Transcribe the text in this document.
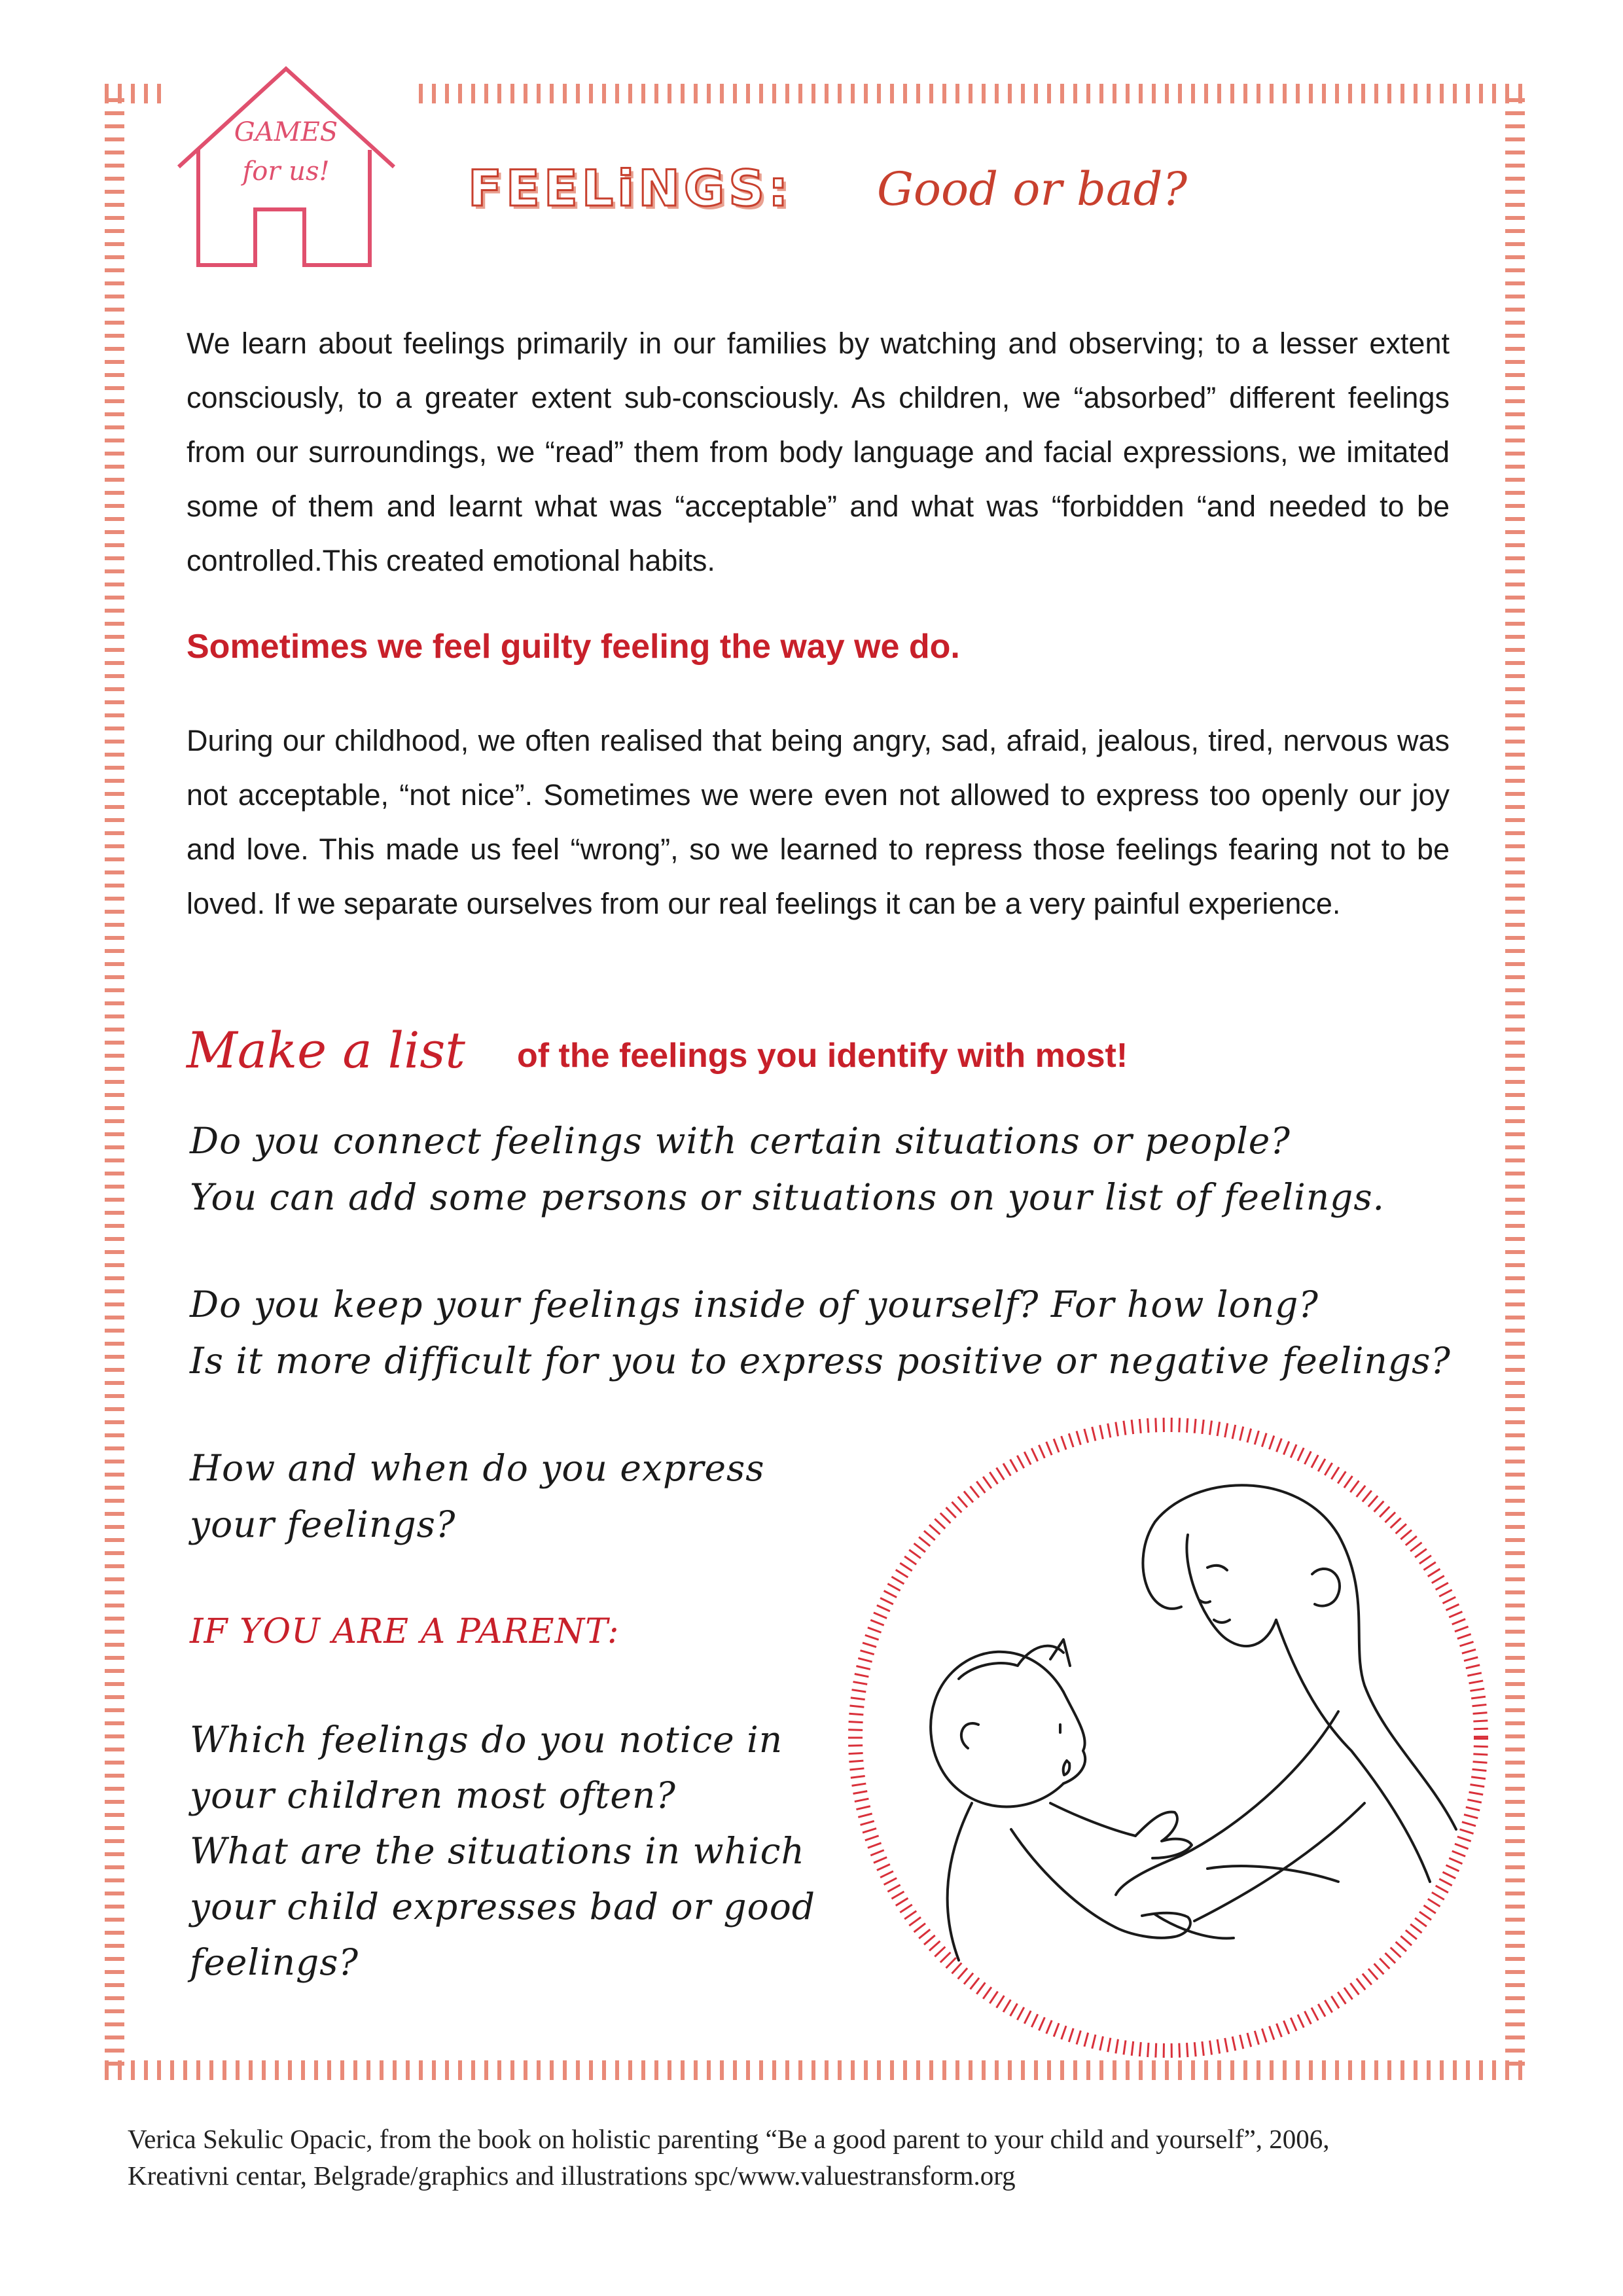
GAMES
for us!	FEELiNGS: Good or bad?

We learn about feelings primarily in our families by watching and observing; to a lesser extent consciously, to a greater extent sub-consciously. As children, we “absorbed” different feelings from our surroundings, we “read” them from body language and facial expressions, we imitated some of them and learnt what was “acceptable” and what was “forbidden “and needed to be controlled.This created emotional habits.

Sometimes we feel guilty feeling the way we do.

During our childhood, we often realised that being angry, sad, afraid, jealous, tired, nervous was not acceptable, “not nice”. Sometimes we were even not allowed to express too openly our joy and love. This made us feel “wrong”, so we learned to repress those feelings fearing not to be loved. If we separate ourselves from our real feelings it can be a very painful experience.

Make a list of the feelings you identify with most!

Do you connect feelings with certain situations or people?

You can add some persons or situations on your list of feelings.

Do you keep your feelings inside of yourself? For how long?

Is it more difficult for you to express positive or negative feelings?

How and when do you express

your feelings?

IF YOU ARE A PARENT:

Which feelings do you notice in

your children most often?

What are the situations in which

your child expresses bad or good

feelings?

Verica Sekulic Opacic, from the book on holistic parenting “Be a good parent to your child and yourself”, 2006,
Kreativni centar, Belgrade/graphics and illustrations spc/www.valuestransform.org
